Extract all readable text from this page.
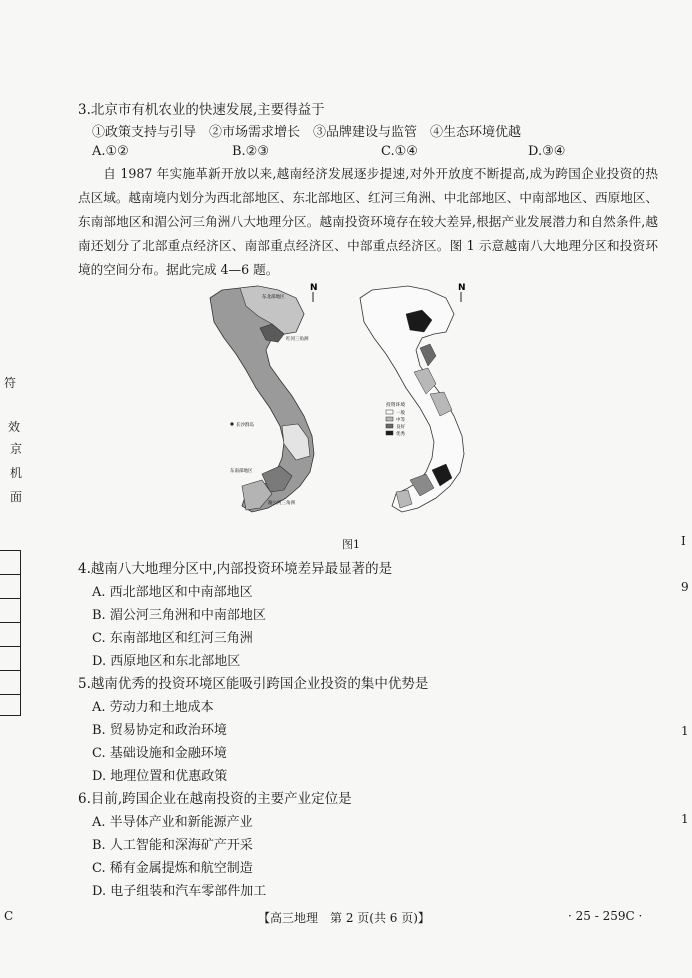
符
效
京
机
面
I
9
1
1
3.北京市有机农业的快速发展,主要得益于
①政策支持与引导　②市场需求增长　③品牌建设与监管　④生态环境优越
A.①②	B.②③	C.①④	D.③④
自 1987 年实施革新开放以来,越南经济发展逐步提速,对外开放度不断提高,成为跨国企业投资的热点区域。越南境内划分为西北部地区、东北部地区、红河三角洲、中北部地区、中南部地区、西原地区、东南部地区和湄公河三角洲八大地理分区。越南投资环境存在较大差异,根据产业发展潜力和自然条件,越南还划分了北部重点经济区、南部重点经济区、中部重点经济区。图 1 示意越南八大地理分区和投资环境的空间分布。据此完成 4—6 题。
N
东北部地区
红河三角洲
东南部地区
湄公河三角洲
长沙群岛
N
投资环境
一般
中等
良好
优秀
图1
4.越南八大地理分区中,内部投资环境差异最显著的是
A. 西北部地区和中南部地区
B. 湄公河三角洲和中南部地区
C. 东南部地区和红河三角洲
D. 西原地区和东北部地区
5.越南优秀的投资环境区能吸引跨国企业投资的集中优势是
A. 劳动力和土地成本
B. 贸易协定和政治环境
C. 基础设施和金融环境
D. 地理位置和优惠政策
6.目前,跨国企业在越南投资的主要产业定位是
A. 半导体产业和新能源产业
B. 人工智能和深海矿产开采
C. 稀有金属提炼和航空制造
D. 电子组装和汽车零部件加工
C	【高三地理　第 2 页(共 6 页)】	· 25 - 259C ·
